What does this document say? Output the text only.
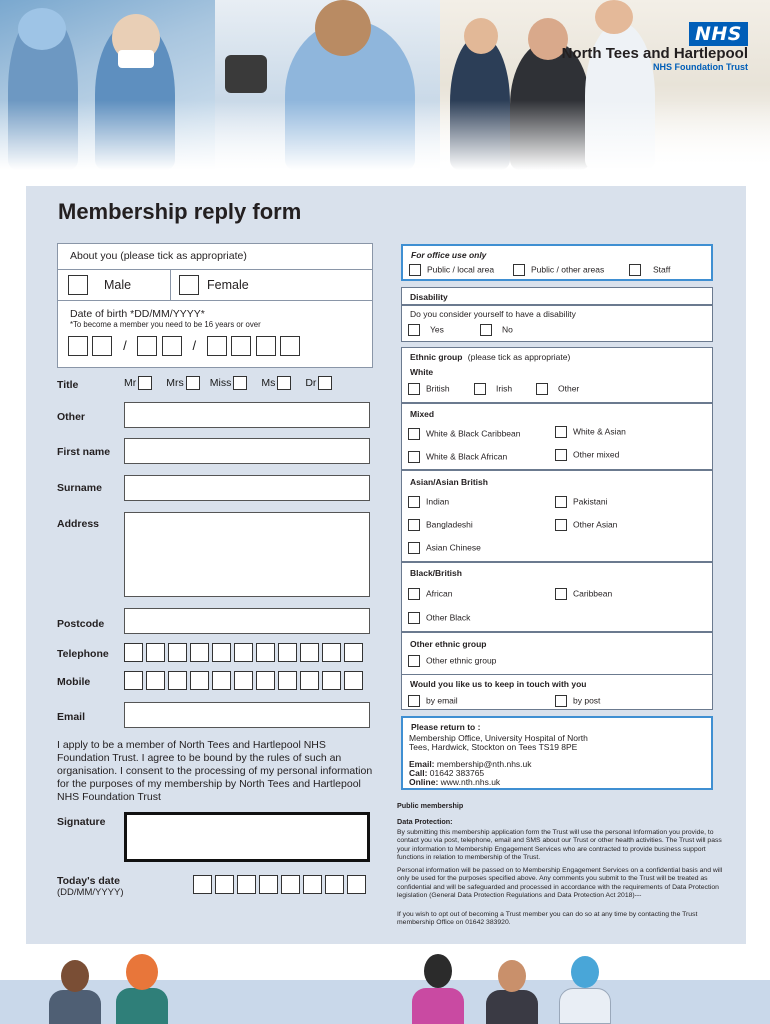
NHS
North Tees and Hartlepool
NHS Foundation Trust
Membership reply form
About you (please tick as appropriate)
Male	Female
Date of birth *DD/MM/YYYY*
*To become a member you need to be 16 years or over
/	/
Title	Mr	Mrs Miss	Ms	Dr
Other
First name
Surname
Address
Postcode
Telephone
Mobile
Email
I apply to be a member of North Tees and Hartlepool NHS Foundation Trust. I agree to be bound by the rules of such an organisation. I consent to the processing of my personal information for the purposes of my membership by North Tees and Hartlepool NHS Foundation Trust
Signature
Today's date
(DD/MM/YYYY)
For office use only
Public / local area	Public / other areas	Staff
Disability
Do you consider yourself to have a disability
Yes	No
Ethnic group (please tick as appropriate)
White
British	Irish	Other
Mixed
White & Black Caribbean	White & Asian
White & Black African	Other mixed
Asian/Asian British
Indian	Pakistani
Bangladeshi	Other Asian
Asian Chinese
Black/British
African	Caribbean
Other Black
Other ethnic group
Other ethnic group
Would you like us to keep in touch with you
by email	by post
Please return to :
Membership Office, University Hospital of North
Tees, Hardwick, Stockton on Tees TS19 8PE
Email: membership@nth.nhs.uk
Call: 01642 383765
Online: www.nth.nhs.uk
Public membership
Data Protection:
By submitting this membership application form the Trust will use the personal Information you provide, to contact you via post, telephone, email and SMS about our Trust or other health activities. The Trust will pass your information to Membership Engagement Services who are contracted to provide business support functions in relation to membership of the Trust.
Personal information will be passed on to Membership Engagement Services on a confidential basis and will only be used for the purposes specified above. Any comments you submit to the Trust will be treated as confidential and will be safeguarded and processed in accordance with the requirements of Data Protection legislation (General Data Protection Regulations and Data Protection Act 2018)---
If you wish to opt out of becoming a Trust member you can do so at any time by contacting the Trust membership Office on 01642 383920.
